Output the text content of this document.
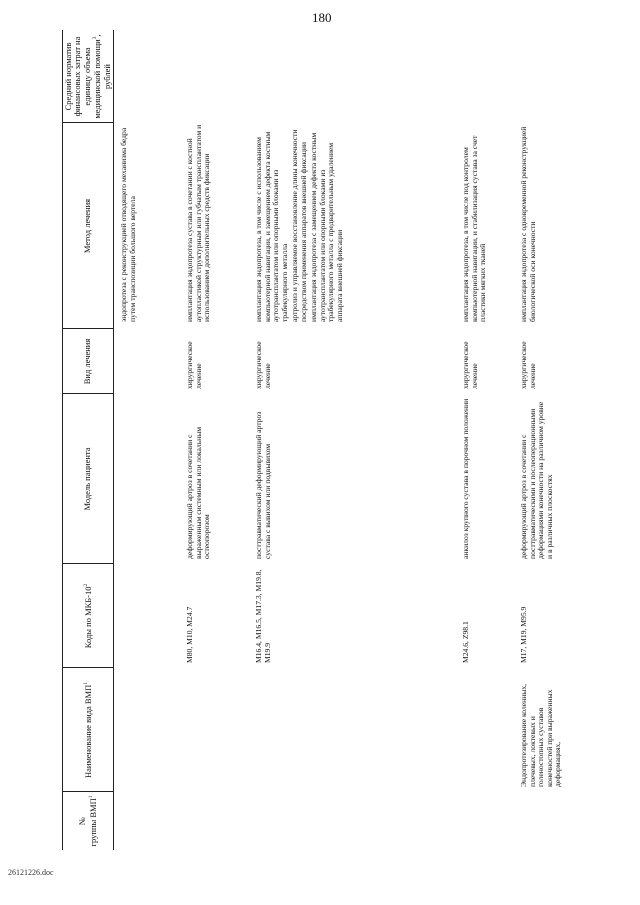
180
№
группы ВМП$^1$
Наименование вида ВМП$^1$
Коды по МКБ-$10^2$
Модель пациента
Вид лечения
Метод лечения
Средний норматив финансовых затрат на единицу объема медицинской помощи$^3$, рублей
эндопротеза с реконструкцией отводящего механизма бедра путем транспозиции большого вертела
M80, M10, M24.7
деформирующий артроз в сочетании с выраженным системным или локальным остеопорозом
хирургическое лечение
имплантация эндопротеза сустава в сочетании с костной аутопластикой структурным или губчатым трансплантатом и использованием дополнительных средств фиксации
M16.4, M16.5, M17.3, M19.8, M19.9
посттравматический деформирующий артроз сустава с вывихом или подвывихом
хирургическое лечение
имплантация эндопротеза, в том числе с использованием компьютерной навигации, и замещением дефекта костным аутотрансплантатом или опорными блоками из трабекулярного металла артролиз и управляемое восстановление длины конечности посредством применения аппаратов внешней фиксации имплантация эндопротеза с замещением дефекта костным аутотрансплантатом или опорными блоками из трабекулярного металла с предварительным удалением аппарата внешней фиксации
M24.6, Z98.1
анкилоз крупного сустава в порочном положении
хирургическое лечение
имплантация эндопротеза, в том числе под контролем компьютерной навигации, и стабилизация сустава за счет пластики мягких тканей
Эндопротезирование коленных, плечевых, локтевых и голеностопных суставов конечностей при выраженных деформациях,
M17, M19, M95.9
деформирующий артроз в сочетании с посттравматическими и послеоперационными деформациями конечности на различном уровне и в различных плоскостях
хирургическое лечение
имплантация эндопротеза с одновременной реконструкцией биологической оси конечности
26121226.doc
